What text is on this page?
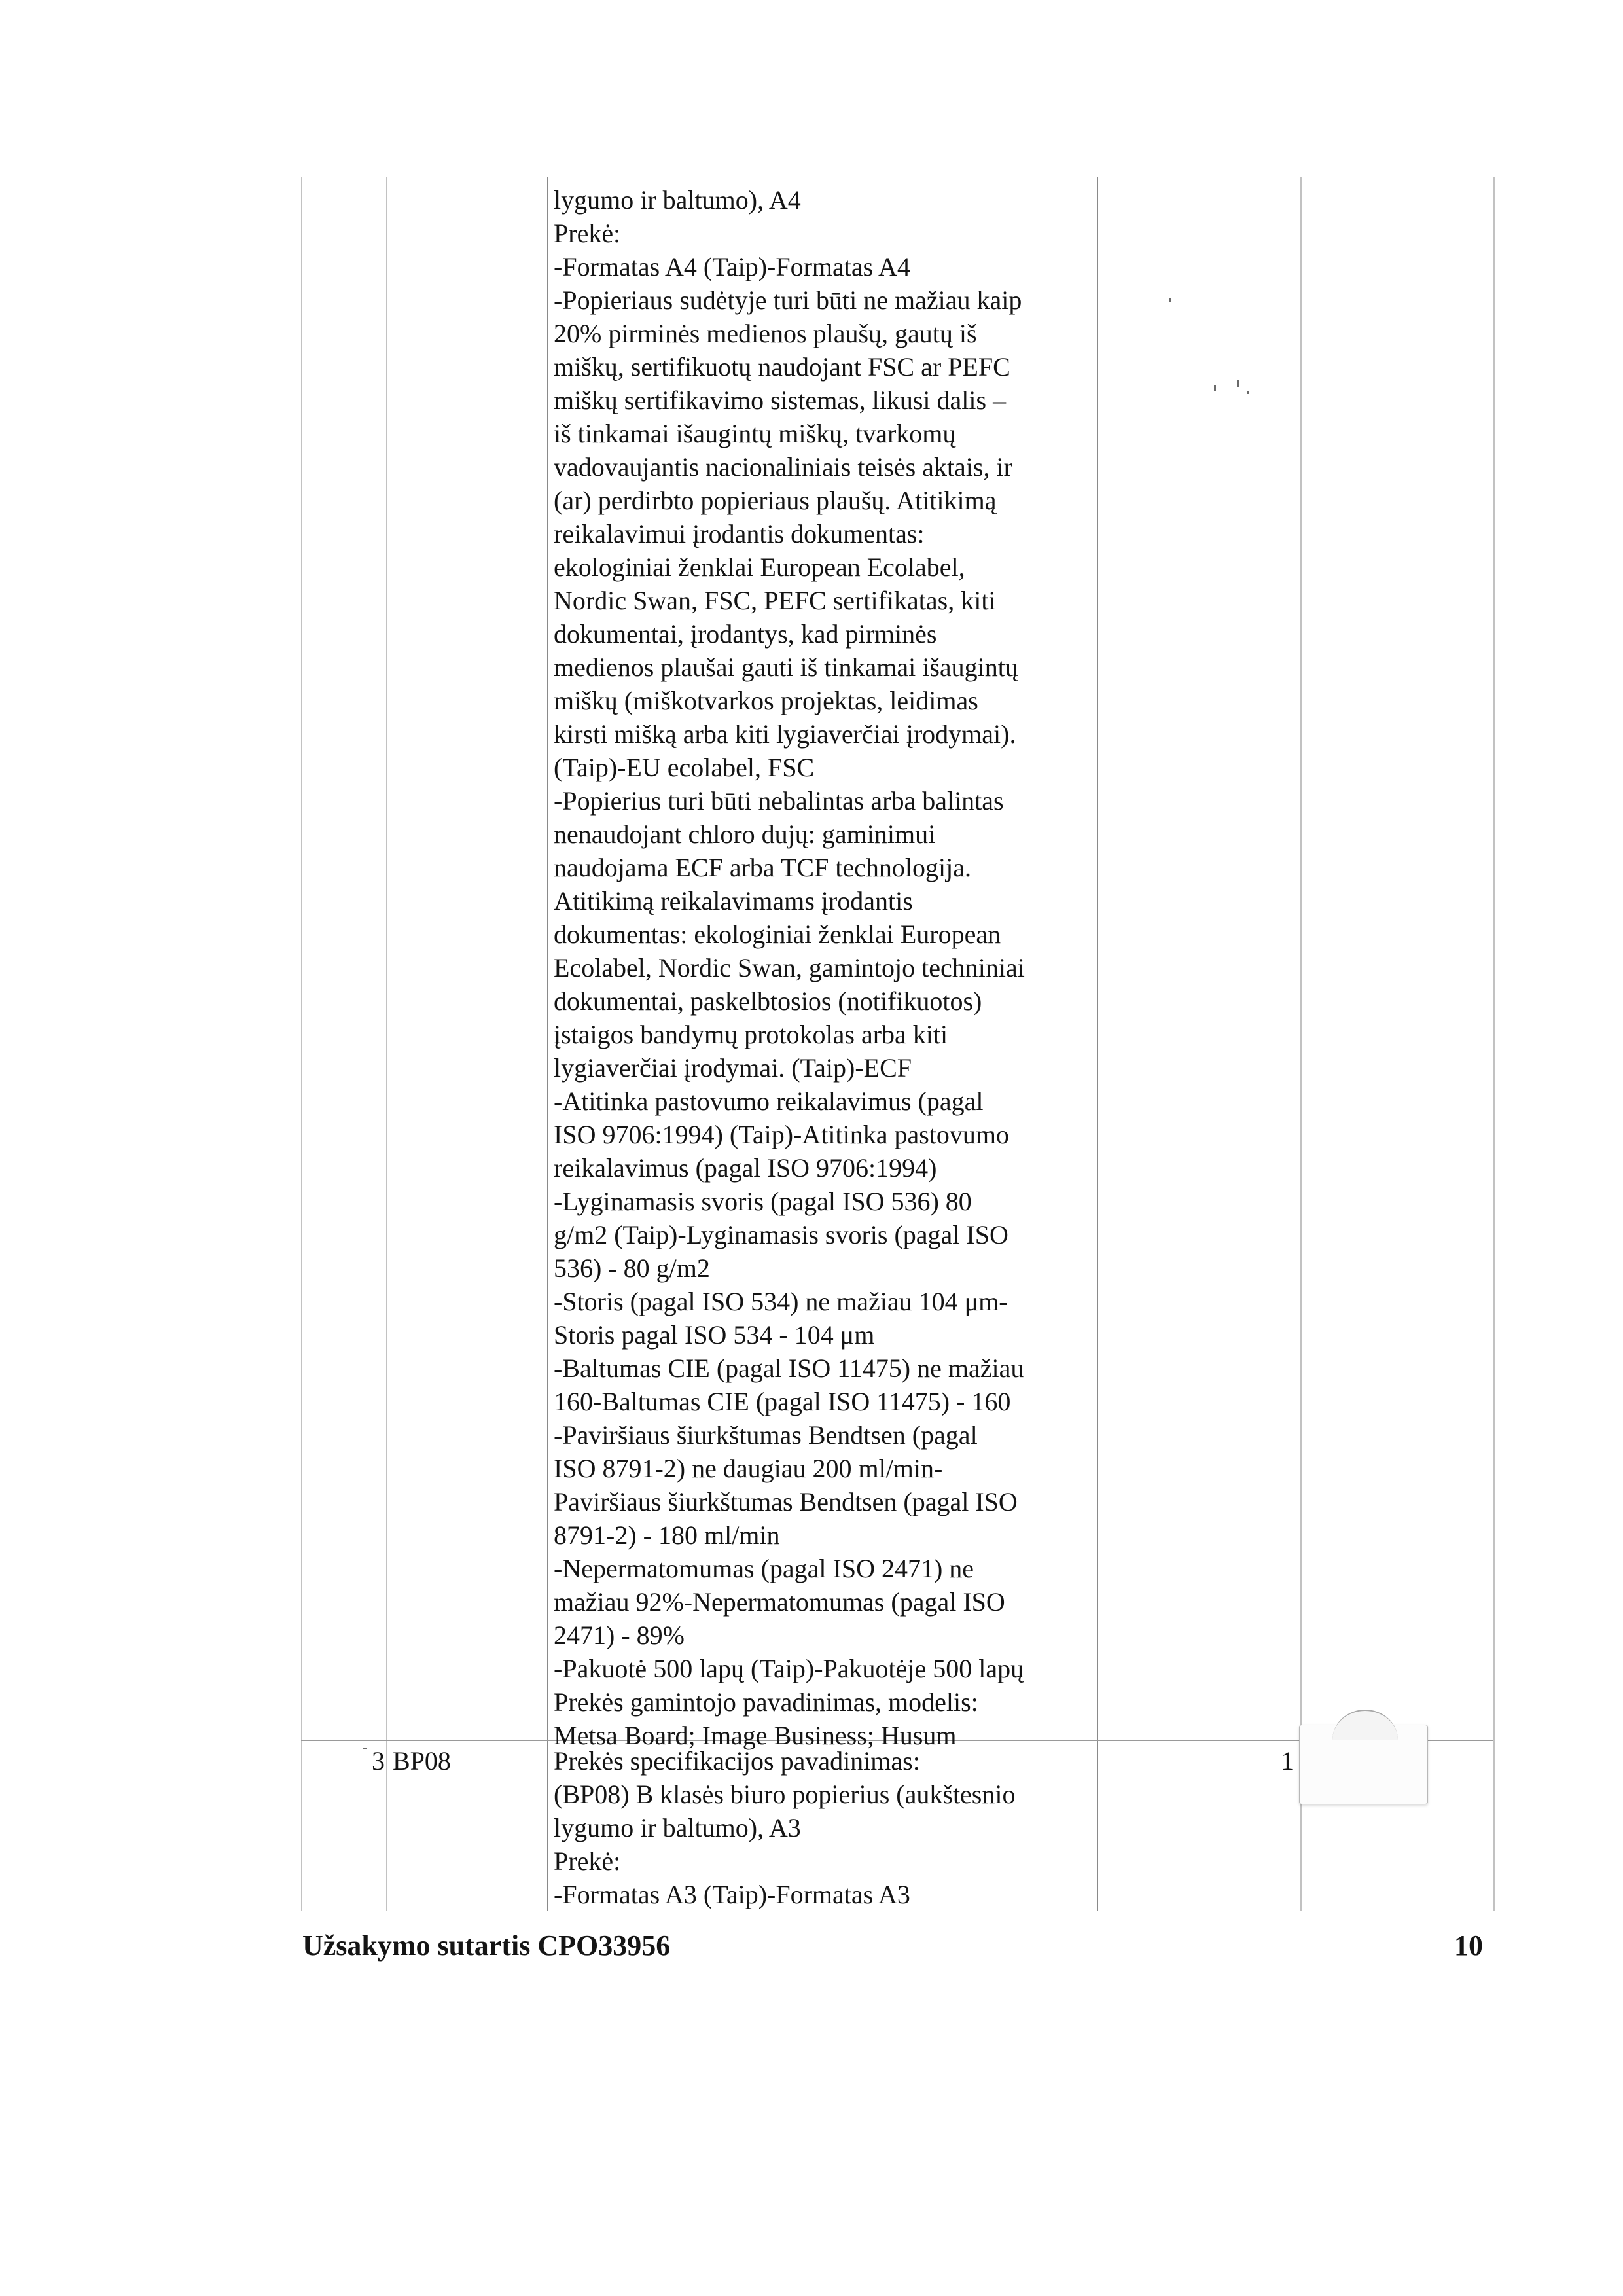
lygumo ir baltumo), A4
Prekė:
-Formatas A4 (Taip)-Formatas A4
-Popieriaus sudėtyje turi būti ne mažiau kaip
20% pirminės medienos plaušų, gautų iš
miškų, sertifikuotų naudojant FSC ar PEFC
miškų sertifikavimo sistemas, likusi dalis –
iš tinkamai išaugintų miškų, tvarkomų
vadovaujantis nacionaliniais teisės aktais, ir
(ar) perdirbto popieriaus plaušų. Atitikimą
reikalavimui įrodantis dokumentas:
ekologiniai ženklai European Ecolabel,
Nordic Swan, FSC, PEFC sertifikatas, kiti
dokumentai, įrodantys, kad pirminės
medienos plaušai gauti iš tinkamai išaugintų
miškų (miškotvarkos projektas, leidimas
kirsti mišką arba kiti lygiaverčiai įrodymai).
(Taip)-EU ecolabel, FSC
-Popierius turi būti nebalintas arba balintas
nenaudojant chloro dujų: gaminimui
naudojama ECF arba TCF technologija.
Atitikimą reikalavimams įrodantis
dokumentas: ekologiniai ženklai European
Ecolabel, Nordic Swan, gamintojo techniniai
dokumentai, paskelbtosios (notifikuotos)
įstaigos bandymų protokolas arba kiti
lygiaverčiai įrodymai. (Taip)-ECF
-Atitinka pastovumo reikalavimus (pagal
ISO 9706:1994) (Taip)-Atitinka pastovumo
reikalavimus (pagal ISO 9706:1994)
-Lyginamasis svoris (pagal ISO 536) 80
g/m2 (Taip)-Lyginamasis svoris (pagal ISO
536) - 80 g/m2
-Storis (pagal ISO 534) ne mažiau 104 μm-
Storis pagal ISO 534 - 104 μm
-Baltumas CIE (pagal ISO 11475) ne mažiau
160-Baltumas CIE (pagal ISO 11475) - 160
-Paviršiaus šiurkštumas Bendtsen (pagal
ISO 8791-2) ne daugiau 200 ml/min-
Paviršiaus šiurkštumas Bendtsen (pagal ISO
8791-2) - 180 ml/min
-Nepermatomumas (pagal ISO 2471) ne
mažiau 92%-Nepermatomumas (pagal ISO
2471) - 89%
-Pakuotė 500 lapų (Taip)-Pakuotėje 500 lapų
Prekės gamintojo pavadinimas, modelis:
Metsa Board; Image Business; Husum
3 BP08	Prekės specifikacijos pavadinimas:
(BP08) B klasės biuro popierius (aukštesnio
lygumo ir baltumo), A3
Prekė:
-Formatas A3 (Taip)-Formatas A3
1
Užsakymo sutartis CPO33956	10
